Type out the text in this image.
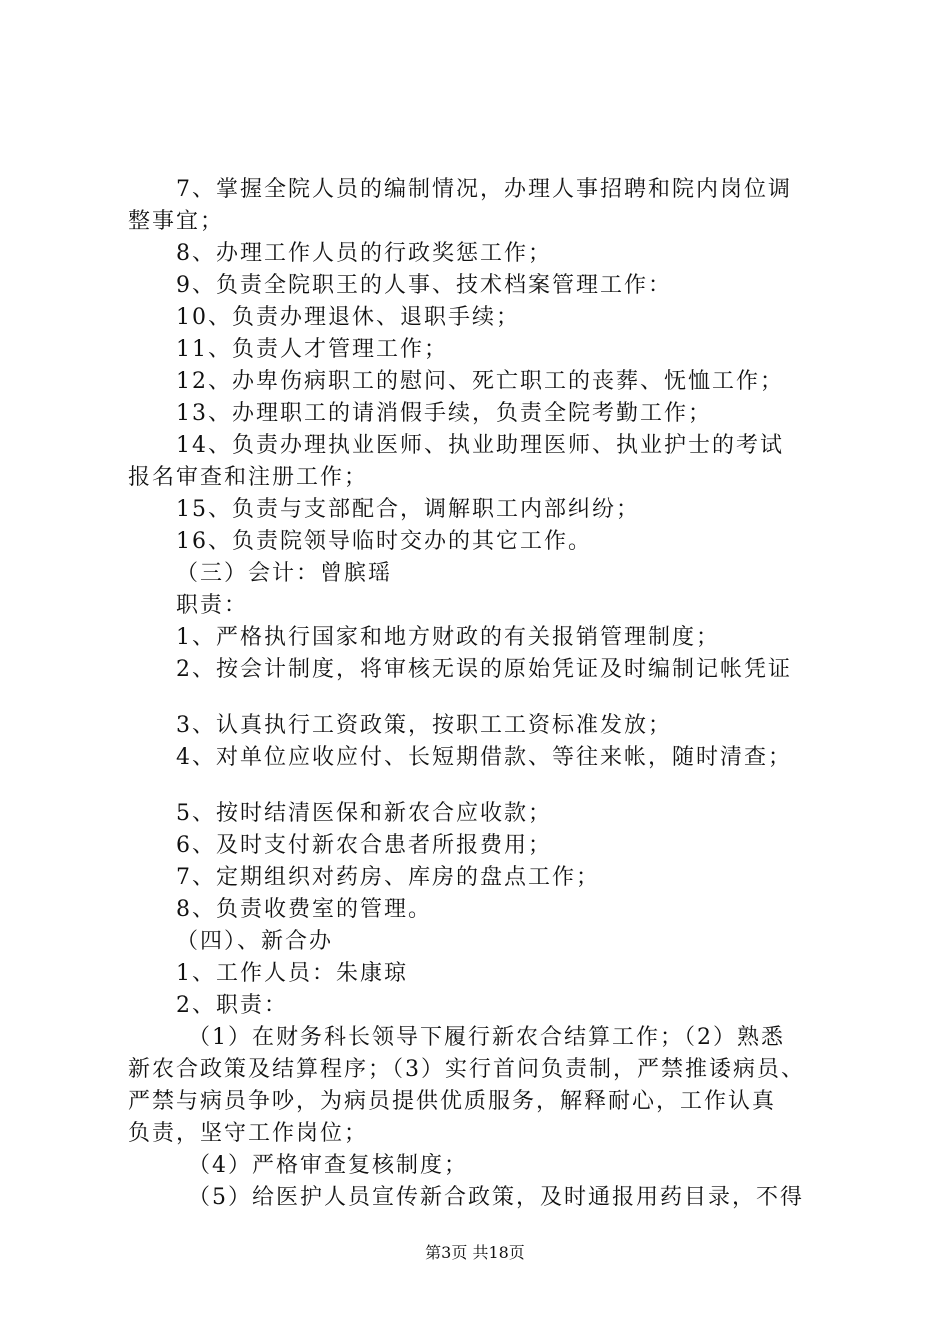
7、掌握全院人员的编制情况，办理人事招聘和院内岗位调
整事宜；
8、办理工作人员的行政奖惩工作；
9、负责全院职王的人事、技术档案管理工作：
10、负责办理退休、退职手续；
11、负责人才管理工作；
12、办卑伤病职工的慰问、死亡职工的丧葬、怃恤工作；
13、办理职工的请消假手续，负责全院考勤工作；
14、负责办理执业医师、执业助理医师、执业护士的考试
报名审查和注册工作；
15、负责与支部配合，调解职工内部纠纷；
16、负责院领导临时交办的其它工作。
（三）会计：曾膑瑶
职责：
1、严格执行国家和地方财政的有关报销管理制度；
2、按会计制度，将审核无误的原始凭证及时编制记帐凭证
3、认真执行工资政策，按职工工资标准发放；
4、对单位应收应付、长短期借款、等往来帐，随时清查；
5、按时结清医保和新农合应收款；
6、及时支付新农合患者所报费用；
7、定期组织对药房、库房的盘点工作；
8、负责收费室的管理。
（四）、新合办
1、工作人员：朱康琼
2、职责：
（1）在财务科长领导下履行新农合结算工作；（2）熟悉
新农合政策及结算程序；（3）实行首问负责制，严禁推诿病员、
严禁与病员争吵，为病员提供优质服务，解释耐心，工作认真
负责，坚守工作岗位；
（4）严格审查复核制度；
（5）给医护人员宣传新合政策，及时通报用药目录，不得
第3页 共18页
